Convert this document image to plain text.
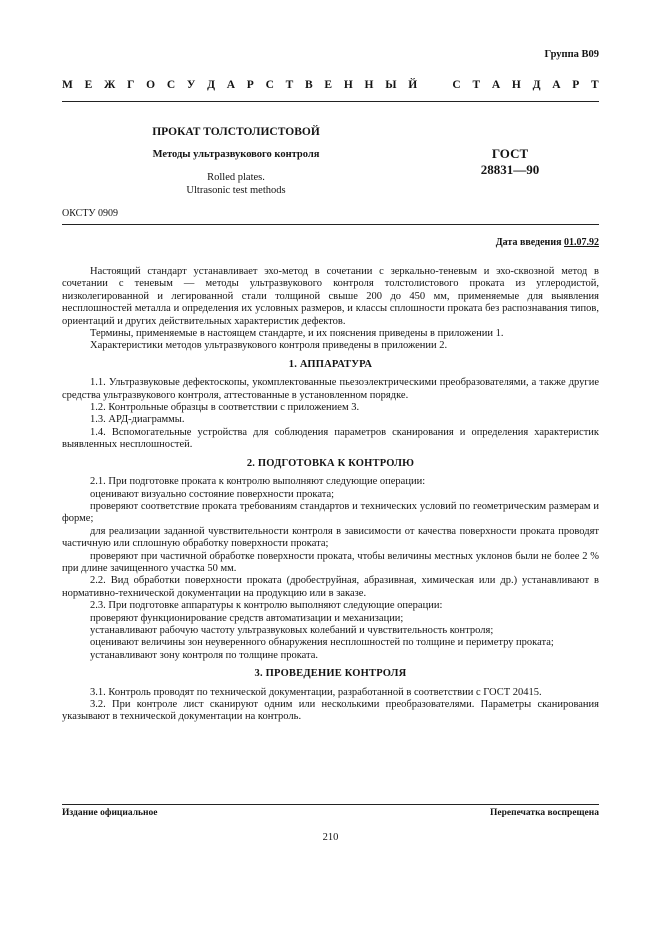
Группа В09
М Е Ж Г О С У Д А Р С Т В Е Н Н Ы Й	С Т А Н Д А Р Т
ПРОКАТ ТОЛСТОЛИСТОВОЙ
Методы ультразвукового контроля
Rolled plates.
Ultrasonic test methods
ГОСТ
28831—90
ОКСТУ 0909
Дата введения 01.07.92

Настоящий стандарт устанавливает эхо-метод в сочетании с зеркально-теневым и эхо-сквозной метод в сочетании с теневым — методы ультразвукового контроля толстолистового проката из углеродистой, низколегированной и легированной стали толщиной свыше 200 до 450 мм, применяемые для выявления несплошностей металла и определения их условных размеров, и классы сплошности проката без распознавания типов, ориентаций и других действительных характеристик дефектов.

Термины, применяемые в настоящем стандарте, и их пояснения приведены в приложении 1.

Характеристики методов ультразвукового контроля приведены в приложении 2.

1. АППАРАТУРА

1.1. Ультразвуковые дефектоскопы, укомплектованные пьезоэлектрическими преобразователями, а также другие средства ультразвукового контроля, аттестованные в установленном порядке.

1.2. Контрольные образцы в соответствии с приложением 3.

1.3. АРД-диаграммы.

1.4. Вспомогательные устройства для соблюдения параметров сканирования и определения характеристик выявленных несплошностей.

2. ПОДГОТОВКА К КОНТРОЛЮ

2.1. При подготовке проката к контролю выполняют следующие операции:

оценивают визуально состояние поверхности проката;

проверяют соответствие проката требованиям стандартов и технических условий по геометрическим размерам и форме;

для реализации заданной чувствительности контроля в зависимости от качества поверхности проката проводят частичную или сплошную обработку поверхности проката;

проверяют при частичной обработке поверхности проката, чтобы величины местных уклонов были не более 2 % при длине зачищенного участка 50 мм.

2.2. Вид обработки поверхности проката (дробеструйная, абразивная, химическая или др.) устанавливают в нормативно-технической документации на продукцию или в заказе.

2.3. При подготовке аппаратуры к контролю выполняют следующие операции:

проверяют функционирование средств автоматизации и механизации;

устанавливают рабочую частоту ультразвуковых колебаний и чувствительность контроля;

оценивают величины зон неуверенного обнаружения несплошностей по толщине и периметру проката;

устанавливают зону контроля по толщине проката.

3. ПРОВЕДЕНИЕ КОНТРОЛЯ

3.1. Контроль проводят по технической документации, разработанной в соответствии с ГОСТ 20415.

3.2. При контроле лист сканируют одним или несколькими преобразователями. Параметры сканирования указывают в технической документации на контроль.

Издание официальное	Перепечатка воспрещена
210
